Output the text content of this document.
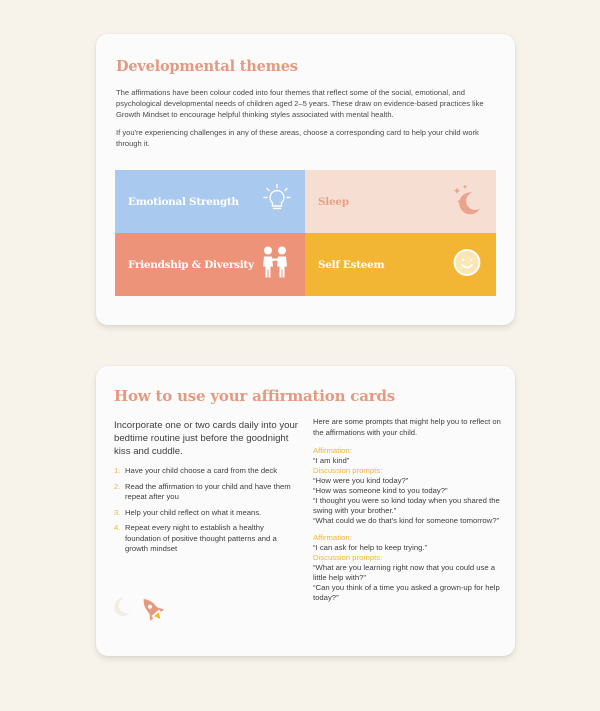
Developmental themes

The affirmations have been colour coded into four themes that reflect some of the social, emotional, and psychological developmental needs of children aged 2–5 years. These draw on evidence-based practices like Growth Mindset to encourage helpful thinking styles associated with mental health.

If you're experiencing challenges in any of these areas, choose a corresponding card to help your child work through it.

Emotional Strength	Sleep
Friendship & Diversity	Self Esteem
How to use your affirmation cards

Incorporate one or two cards daily into your bedtime routine just before the goodnight kiss and cuddle.

1. Have your child choose a card from the deck
2. Read the affirmation to your child and have them repeat after you
3. Help your child reflect on what it means.
4. Repeat every night to establish a healthy foundation of positive thought patterns and a growth mindset

Here are some prompts that might help you to reflect on the affirmations with your child.

Affirmation:
“I am kind”
Discussion prompts:
“How were you kind today?”
“How was someone kind to you today?”
“I thought you were so kind today when you shared the swing with your brother.”
“What could we do that's kind for someone tomorrow?”
Affirmation:
“I can ask for help to keep trying.”
Discussion prompts:
“What are you learning right now that you could use a little help with?”
“Can you think of a time you asked a grown-up for help today?”
